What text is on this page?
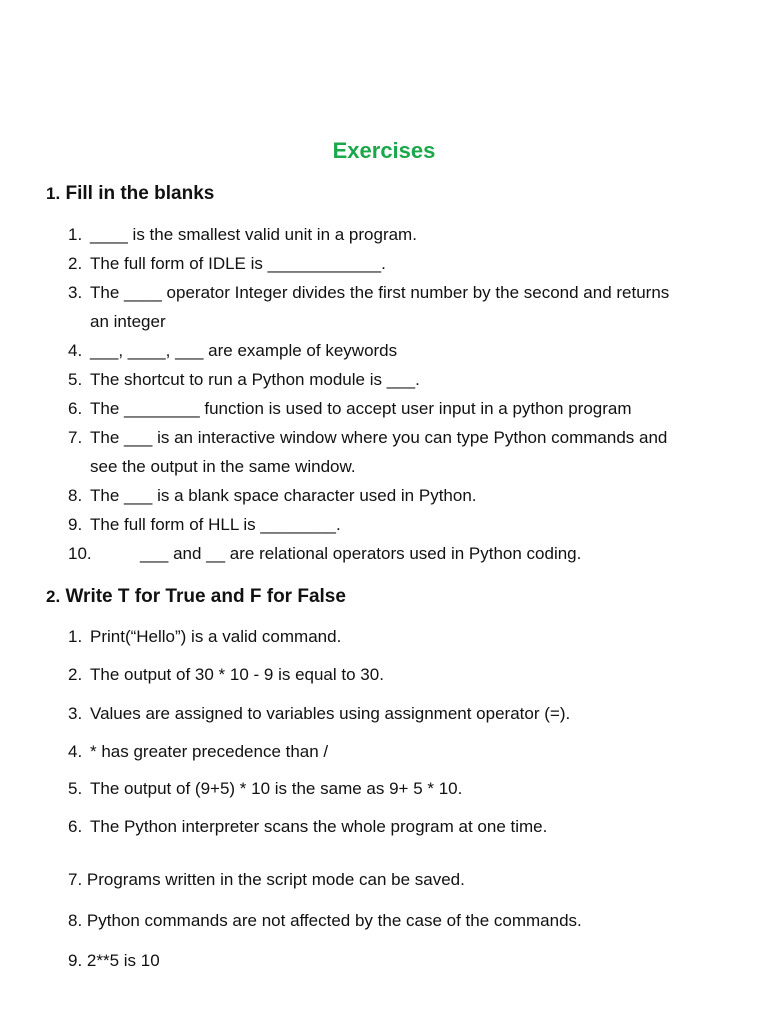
Exercises
1. Fill in the blanks
1. ____ is the smallest valid unit in a program.
2. The full form of IDLE is ____________.
3. The ____ operator Integer divides the first number by the second and returns
an integer
4. ___, ____, ___ are example of keywords
5. The shortcut to run a Python module is ___.
6. The ________ function is used to accept user input in a python program
7. The ___ is an interactive window where you can type Python commands and
see the output in the same window.
8. The ___ is a blank space character used in Python.
9. The full form of HLL is ________.
10.	___ and __ are relational operators used in Python coding.
2. Write T for True and F for False
1. Print(“Hello”) is a valid command.
2. The output of 30 * 10 - 9 is equal to 30.
3. Values are assigned to variables using assignment operator (=).
4. * has greater precedence than /
5. The output of (9+5) * 10 is the same as 9+ 5 * 10.
6. The Python interpreter scans the whole program at one time.
7. Programs written in the script mode can be saved.
8. Python commands are not affected by the case of the commands.
9. 2**5 is 10
